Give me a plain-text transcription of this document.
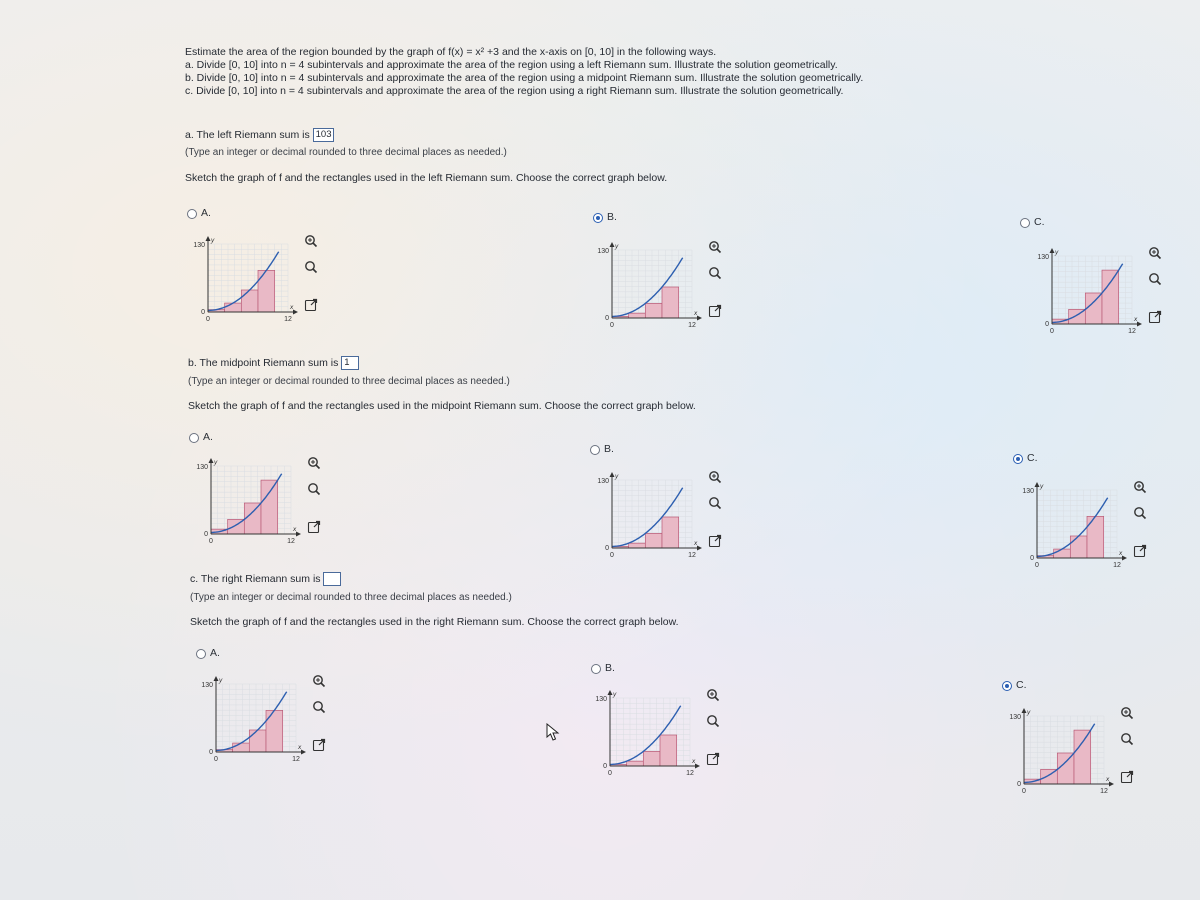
Estimate the area of the region bounded by the graph of f(x) = x² +3 and the x-axis on [0, 10] in the following ways.
a. Divide [0, 10] into n = 4 subintervals and approximate the area of the region using a left Riemann sum. Illustrate the solution geometrically.
b. Divide [0, 10] into n = 4 subintervals and approximate the area of the region using a midpoint Riemann sum. Illustrate the solution geometrically.
c. Divide [0, 10] into n = 4 subintervals and approximate the area of the region using a right Riemann sum. Illustrate the solution geometrically.
a. The left Riemann sum is 103
(Type an integer or decimal rounded to three decimal places as needed.)
Sketch the graph of f and the rectangles used in the left Riemann sum. Choose the correct graph below.
b. The midpoint Riemann sum is 1
(Type an integer or decimal rounded to three decimal places as needed.)
Sketch the graph of f and the rectangles used in the midpoint Riemann sum. Choose the correct graph below.
c. The right Riemann sum is
(Type an integer or decimal rounded to three decimal places as needed.)
Sketch the graph of f and the rectangles used in the right Riemann sum. Choose the correct graph below.
A.
130
y
0
0	12
x
B.
130
y
0
0	12
x
C.
130
y
0
0	12
x
A.
130
y
0
0	12
x
B.
130
y
0
0	12
x
C.
130
y
0
0	12
x
A.
130
y
0
0	12
x
B.
130
y
0
0	12
x
C.
130
y
0
0	12
x
